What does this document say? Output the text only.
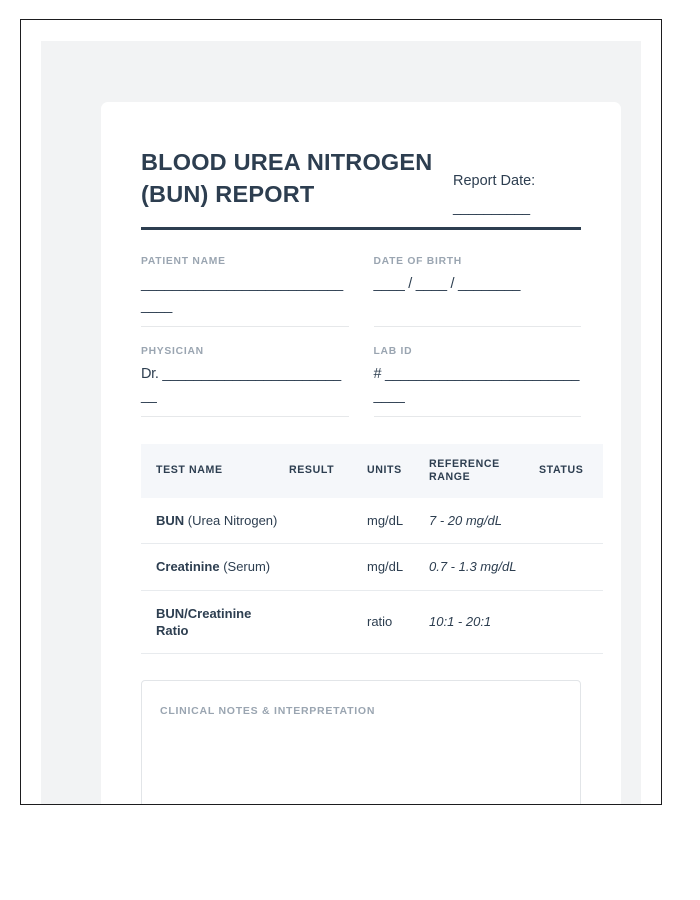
BLOOD UREA NITROGEN (BUN) REPORT
Report Date:
__________
PATIENT NAME
______________________________
DATE OF BIRTH
____ / ____ / ________
PHYSICIAN
Dr. _________________________
LAB ID
# _____________________________
TEST NAME	RESULT	UNITS	REFERENCE RANGE	STATUS
BUN (Urea Nitrogen)		mg/dL	7 - 20 mg/dL	

Creatinine (Serum)		mg/dL	0.7 - 1.3 mg/dL	

BUN/Creatinine Ratio		ratio	10:1 - 20:1	
CLINICAL NOTES & INTERPRETATION
